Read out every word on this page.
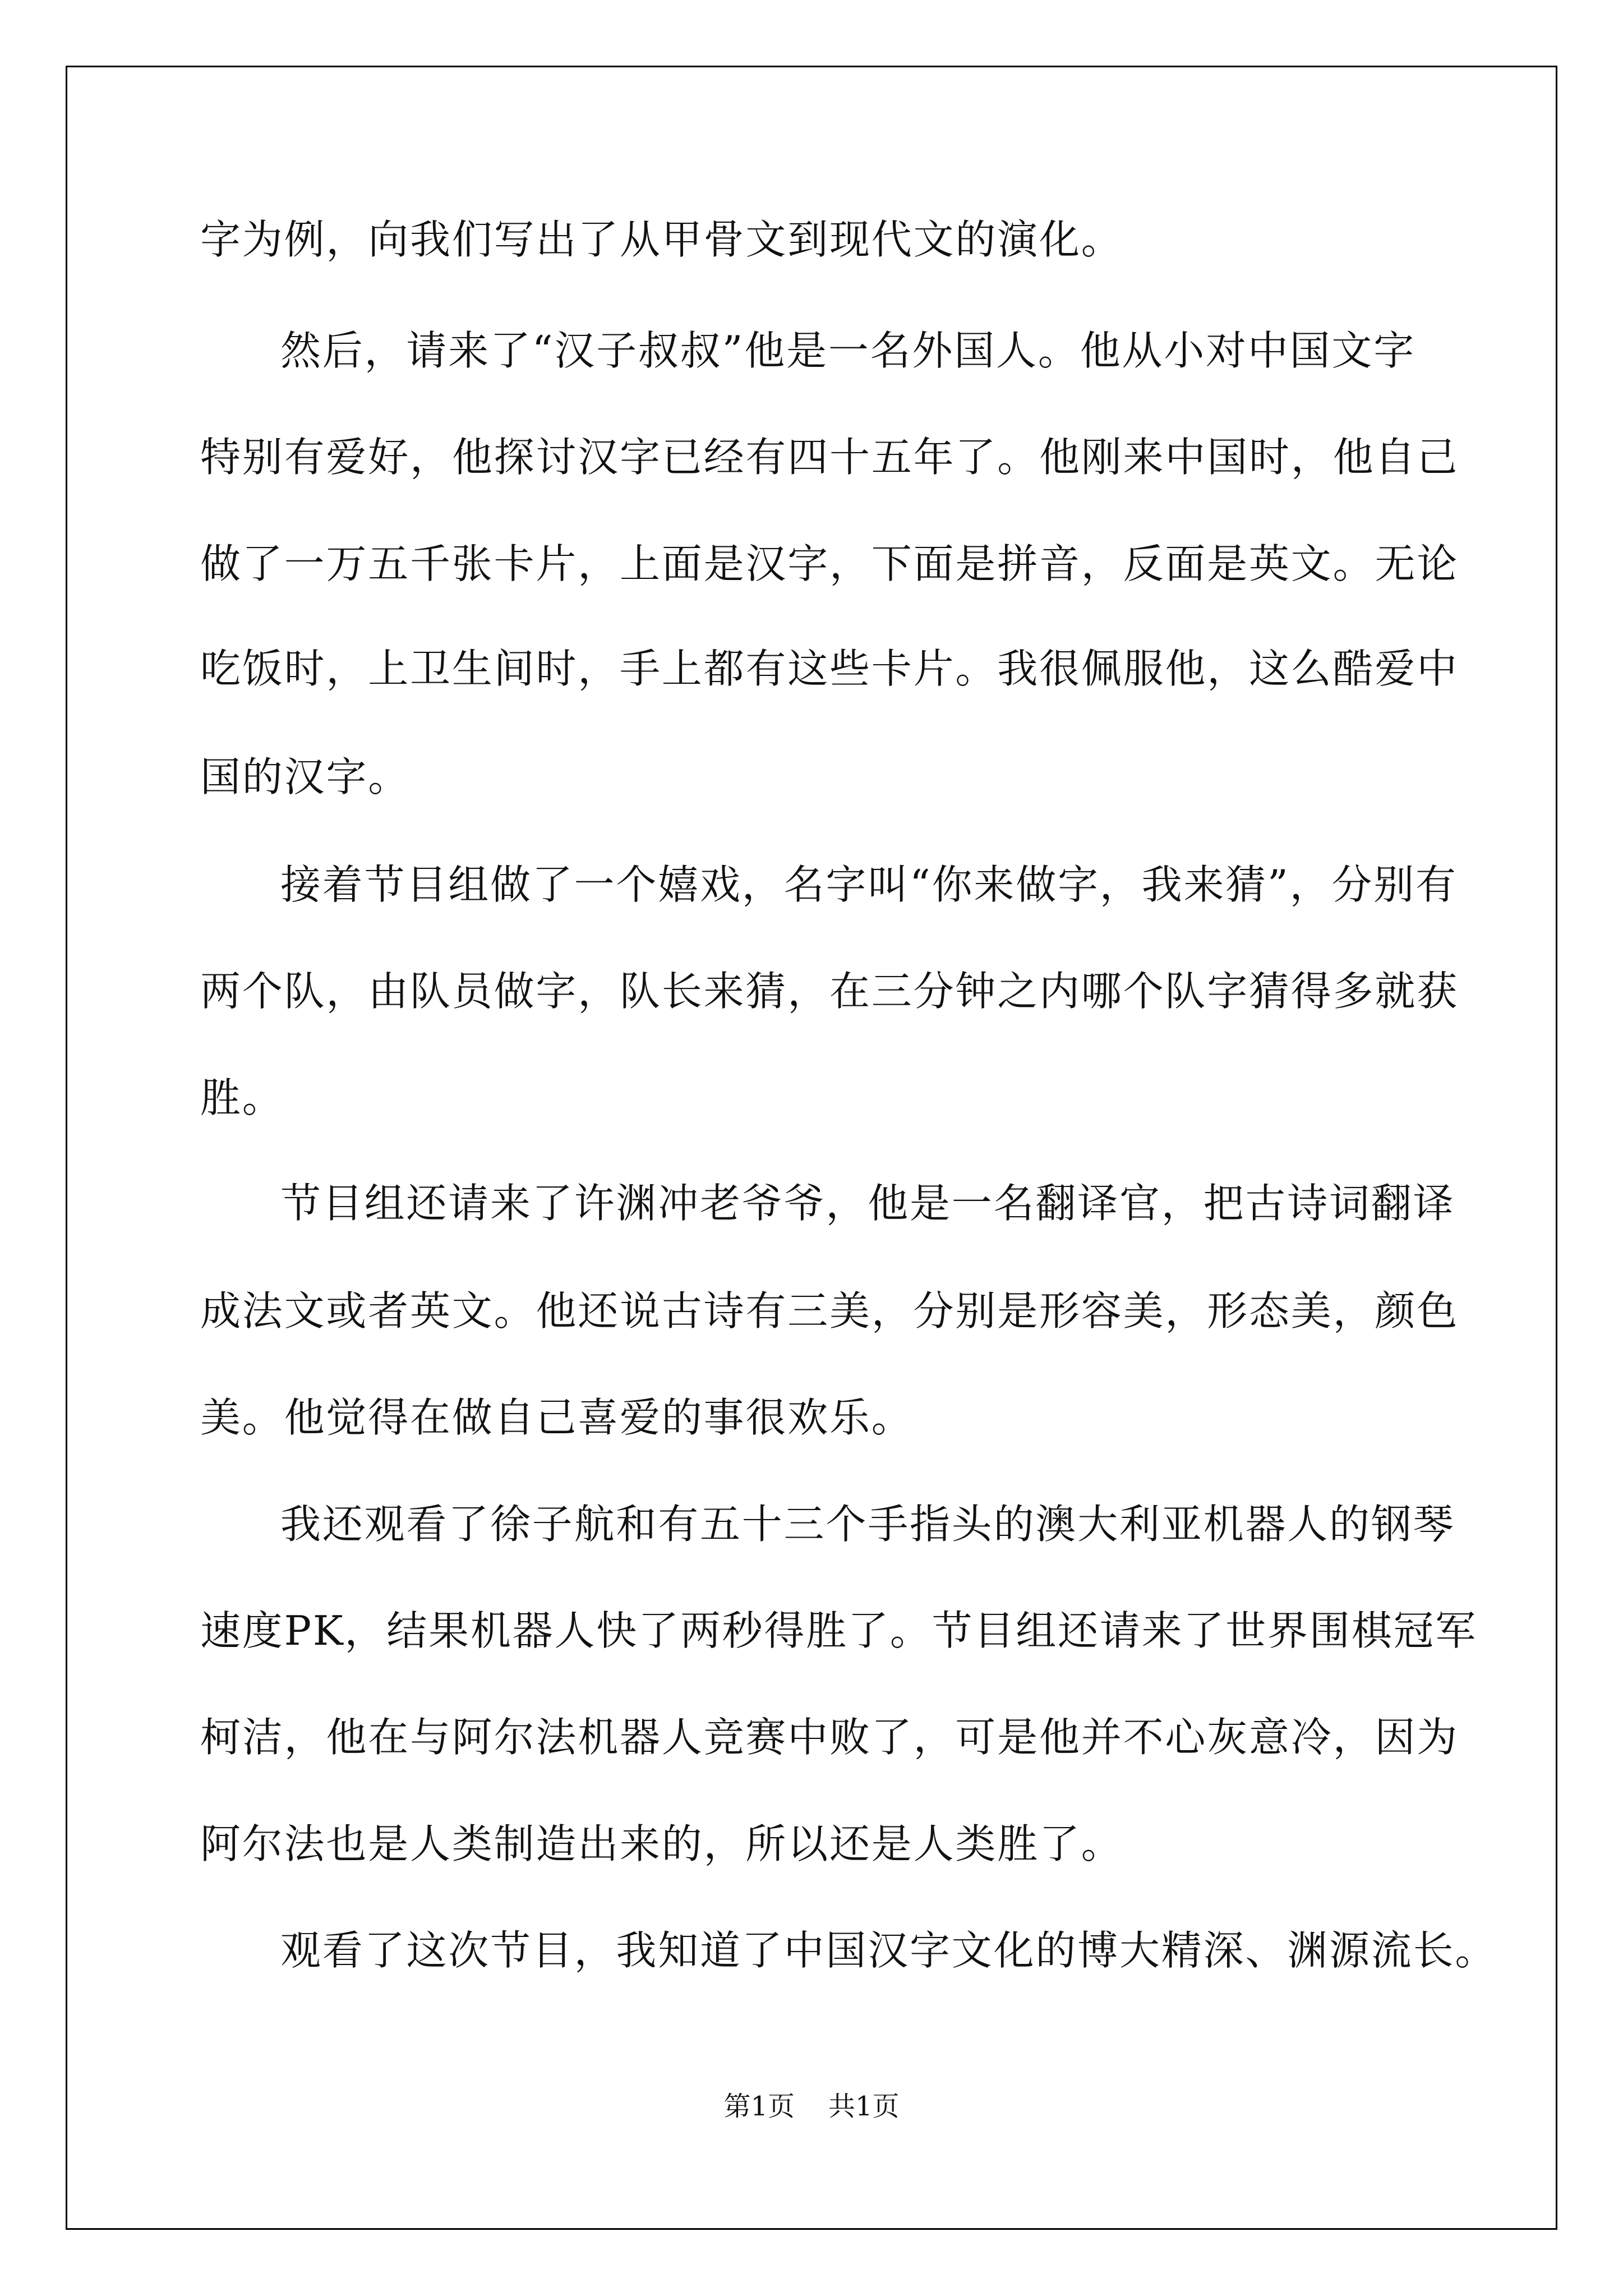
字为例，向我们写出了从甲骨文到现代文的演化。
然后，请来了“汉子叔叔”他是一名外国人。他从小对中国文字
特别有爱好，他探讨汉字已经有四十五年了。他刚来中国时，他自己
做了一万五千张卡片，上面是汉字，下面是拼音，反面是英文。无论
吃饭时，上卫生间时，手上都有这些卡片。我很佩服他，这么酷爱中
国的汉字。
接着节目组做了一个嬉戏，名字叫“你来做字，我来猜”，分别有
两个队，由队员做字，队长来猜，在三分钟之内哪个队字猜得多就获
胜。
节目组还请来了许渊冲老爷爷，他是一名翻译官，把古诗词翻译
成法文或者英文。他还说古诗有三美，分别是形容美，形态美，颜色
美。他觉得在做自己喜爱的事很欢乐。
我还观看了徐子航和有五十三个手指头的澳大利亚机器人的钢琴
速度PK，结果机器人快了两秒得胜了。节目组还请来了世界围棋冠军
柯洁，他在与阿尔法机器人竞赛中败了，可是他并不心灰意冷，因为
阿尔法也是人类制造出来的，所以还是人类胜了。
观看了这次节目，我知道了中国汉字文化的博大精深、渊源流长。
第1页 共1页
